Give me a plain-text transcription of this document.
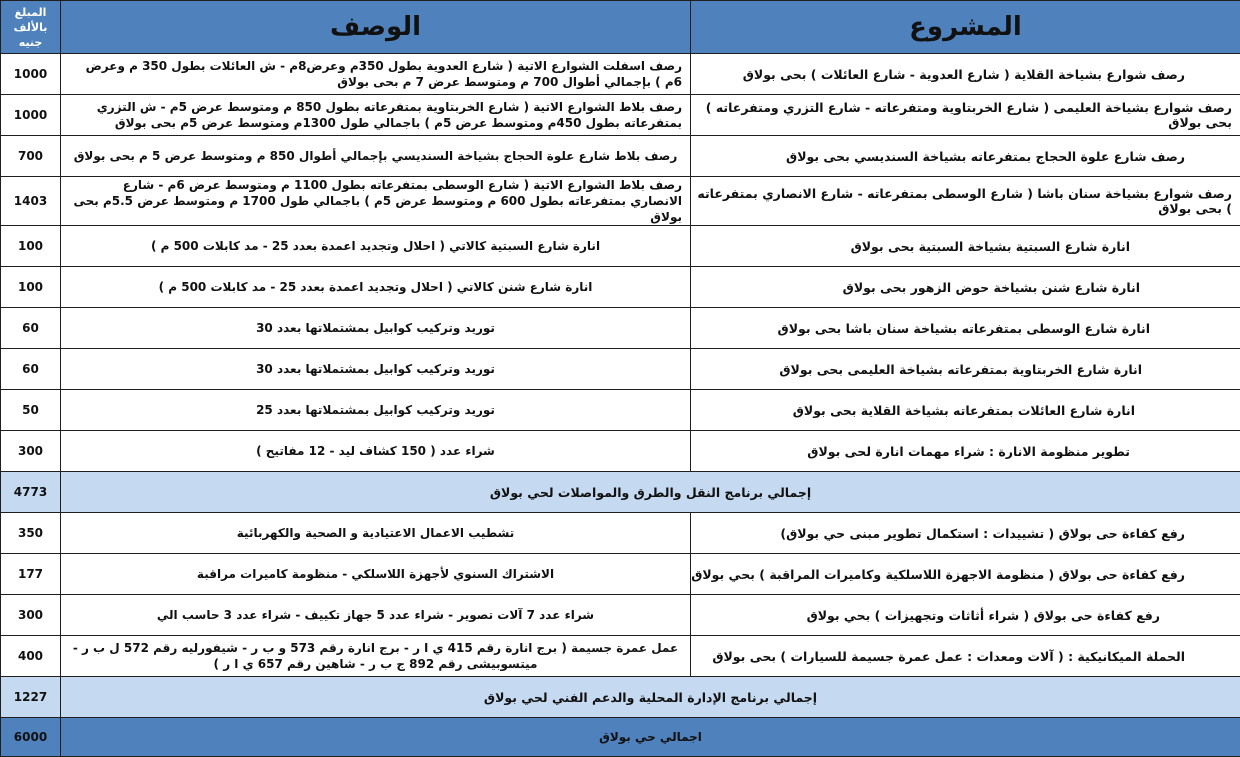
المبلغ بالألف جنيه	الوصف	المشروع
1000	رصف اسفلت الشوارع الاتية ( شارع العدوية بطول 350م وعرض8م - ش العائلات بطول 350 م وعرض 6م ) بإجمالي أطوال 700 م ومتوسط عرض 7 م بحى بولاق	رصف شوارع بشياخة القلاية ( شارع العدوية - شارع العائلات ) بحى بولاق
1000	رصف بلاط الشوارع الاتية ( شارع الخربتاوية بمتفرعاته بطول 850 م ومتوسط عرض 5م - ش التزري بمتفرعاته بطول 450م ومتوسط عرض 5م ) باجمالي طول 1300م ومتوسط عرض 5م بحى بولاق	رصف شوارع بشياخة العليمى ( شارع الخربتاوية ومتفرعاته - شارع التزري ومتفرعاته ) بحى بولاق
700	رصف بلاط شارع علوة الحجاج بشياخة السنديسي بإجمالي أطوال 850 م ومتوسط عرض 5 م بحى بولاق	رصف شارع علوة الحجاج بمتفرعاته بشياخة السنديسي بحى بولاق
1403	رصف بلاط الشوارع الاتية ( شارع الوسطى بمتفرعاته بطول 1100 م ومتوسط عرض 6م - شارع الانصاري بمتفرعاته بطول 600 م ومتوسط عرض 5م ) باجمالي طول 1700 م ومتوسط عرض 5.5م بحى بولاق	رصف شوارع بشياخة سنان باشا ( شارع الوسطى بمتفرعاته - شارع الانصاري بمتفرعاته ) بحى بولاق
100	انارة شارع السبتية كالاتي ( احلال وتجديد اعمدة بعدد 25 - مد كابلات 500 م )	انارة شارع السبتية بشياخة السبتية بحى بولاق
100	انارة شارع شنن كالاتي ( احلال وتجديد اعمدة بعدد 25 - مد كابلات 500 م )	انارة شارع شنن بشياخة حوض الزهور بحى بولاق
60	توريد وتركيب كوابيل بمشتملاتها بعدد 30	انارة شارع الوسطى بمتفرعاته بشياخة سنان باشا بحى بولاق
60	توريد وتركيب كوابيل بمشتملاتها بعدد 30	انارة شارع الخربتاوية بمتفرعاته بشياخة العليمى بحى بولاق
50	توريد وتركيب كوابيل بمشتملاتها بعدد 25	انارة شارع العائلات بمتفرعاته بشياخة القلاية بحى بولاق
300	شراء عدد ( 150 كشاف ليد - 12 مفاتيح )	تطوير منظومة الانارة : شراء مهمات انارة لحى بولاق
4773	إجمالي برنامج النقل والطرق والمواصلات لحي بولاق	
350	تشطيب الاعمال الاعتيادية و الصحية والكهربائية	رفع كفاءة حى بولاق ( تشييدات : استكمال تطوير مبنى حي بولاق)
177	الاشتراك السنوي لأجهزة اللاسلكي - منظومة كاميرات مراقبة	رفع كفاءة حى بولاق ( منظومة الاجهزة اللاسلكية وكاميرات المراقبة ) بحي بولاق
300	شراء عدد 7 آلات تصوير - شراء عدد 5 جهاز تكييف - شراء عدد 3 حاسب الي	رفع كفاءة حى بولاق ( شراء أثاثات وتجهيزات ) بحي بولاق
400	عمل عمرة جسيمة ( برج انارة رقم 415 ي ا ر - برج انارة رقم 573 و ب ر - شيفورليه رقم 572 ل ب ر - ميتسوبيشى رقم 892 ج ب ر - شاهين رقم 657 ي ا ر )	الحملة الميكانيكية : ( آلات ومعدات : عمل عمرة جسيمة للسيارات ) بحى بولاق
1227	إجمالي برنامج الإدارة المحلية والدعم الفني لحي بولاق	
6000	اجمالي حي بولاق	
